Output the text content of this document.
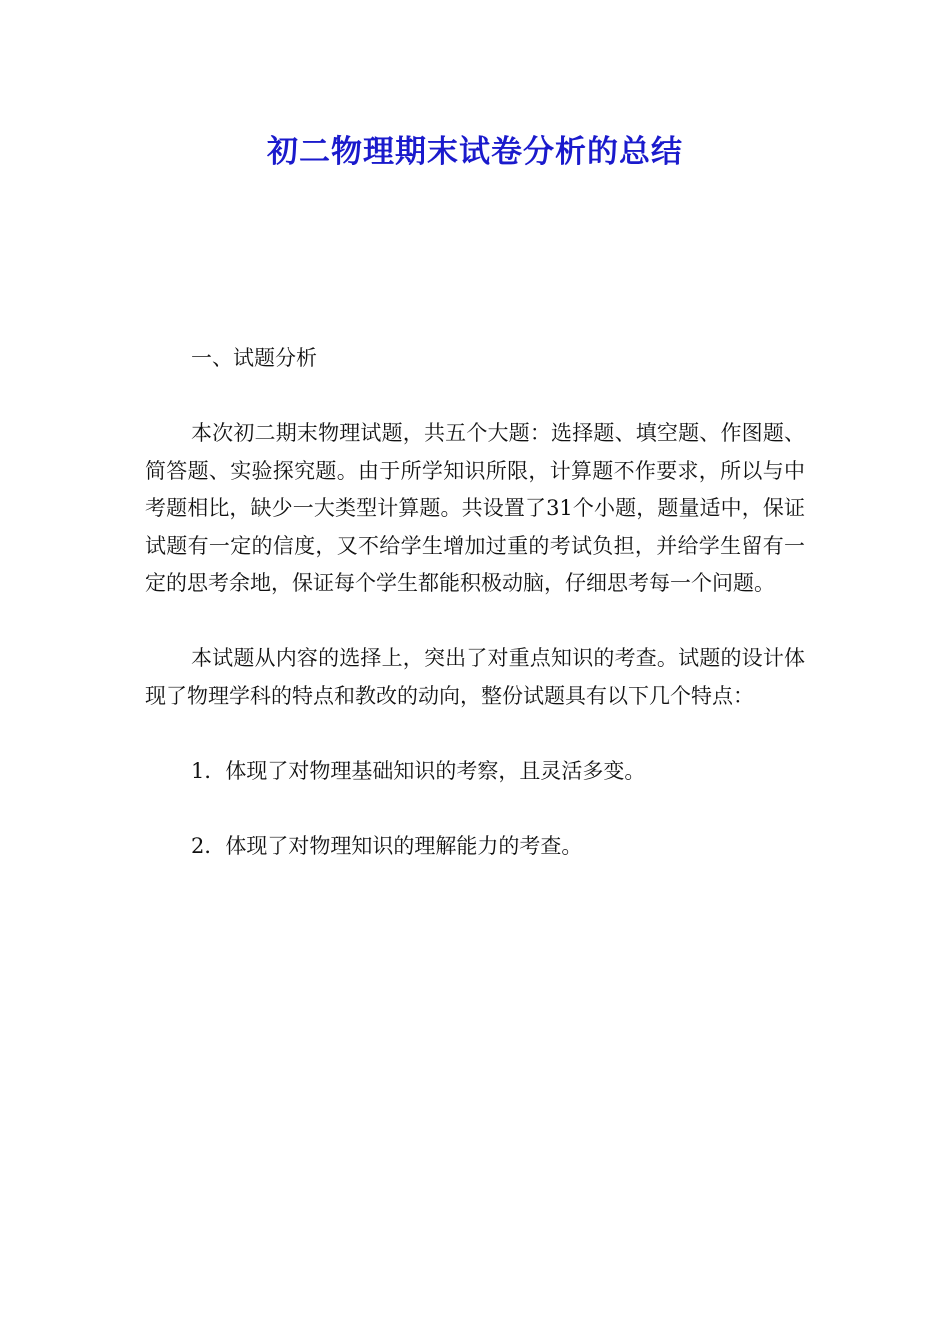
初二物理期末试卷分析的总结

一、试题分析

本次初二期末物理试题，共五个大题：选择题、填空题、作图题、简答题、实验探究题。由于所学知识所限，计算题不作要求，所以与中考题相比，缺少一大类型计算题。共设置了31个小题，题量适中，保证试题有一定的信度，又不给学生增加过重的考试负担，并给学生留有一定的思考余地，保证每个学生都能积极动脑，仔细思考每一个问题。

本试题从内容的选择上，突出了对重点知识的考查。试题的设计体现了物理学科的特点和教改的动向，整份试题具有以下几个特点：

1．体现了对物理基础知识的考察，且灵活多变。

2．体现了对物理知识的理解能力的考查。
